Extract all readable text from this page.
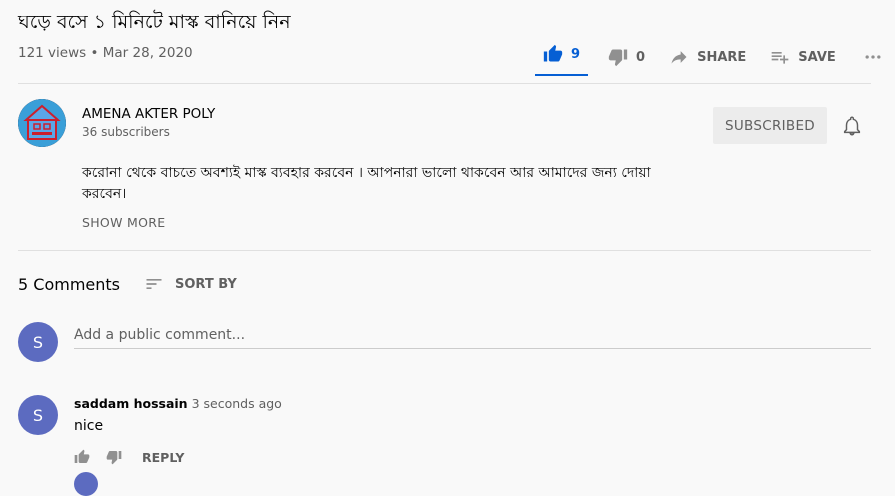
ঘড়ে বসে ১ মিনিটে মাস্ক বানিয়ে নিন
121 views • Mar 28, 2020	9	0	SHARE	SAVE
AMENA AKTER POLY
36 subscribers	SUBSCRIBED
করোনা থেকে বাচতে অবশ্যই মাস্ক ব্যবহার করবেন । আপনারা ভালো থাকবেন আর আমাদের জন্য দোয়া করবেন।
SHOW MORE
5 Comments	SORT BY
S
Add a public comment...
S
saddam hossain 3 seconds ago
nice
REPLY
